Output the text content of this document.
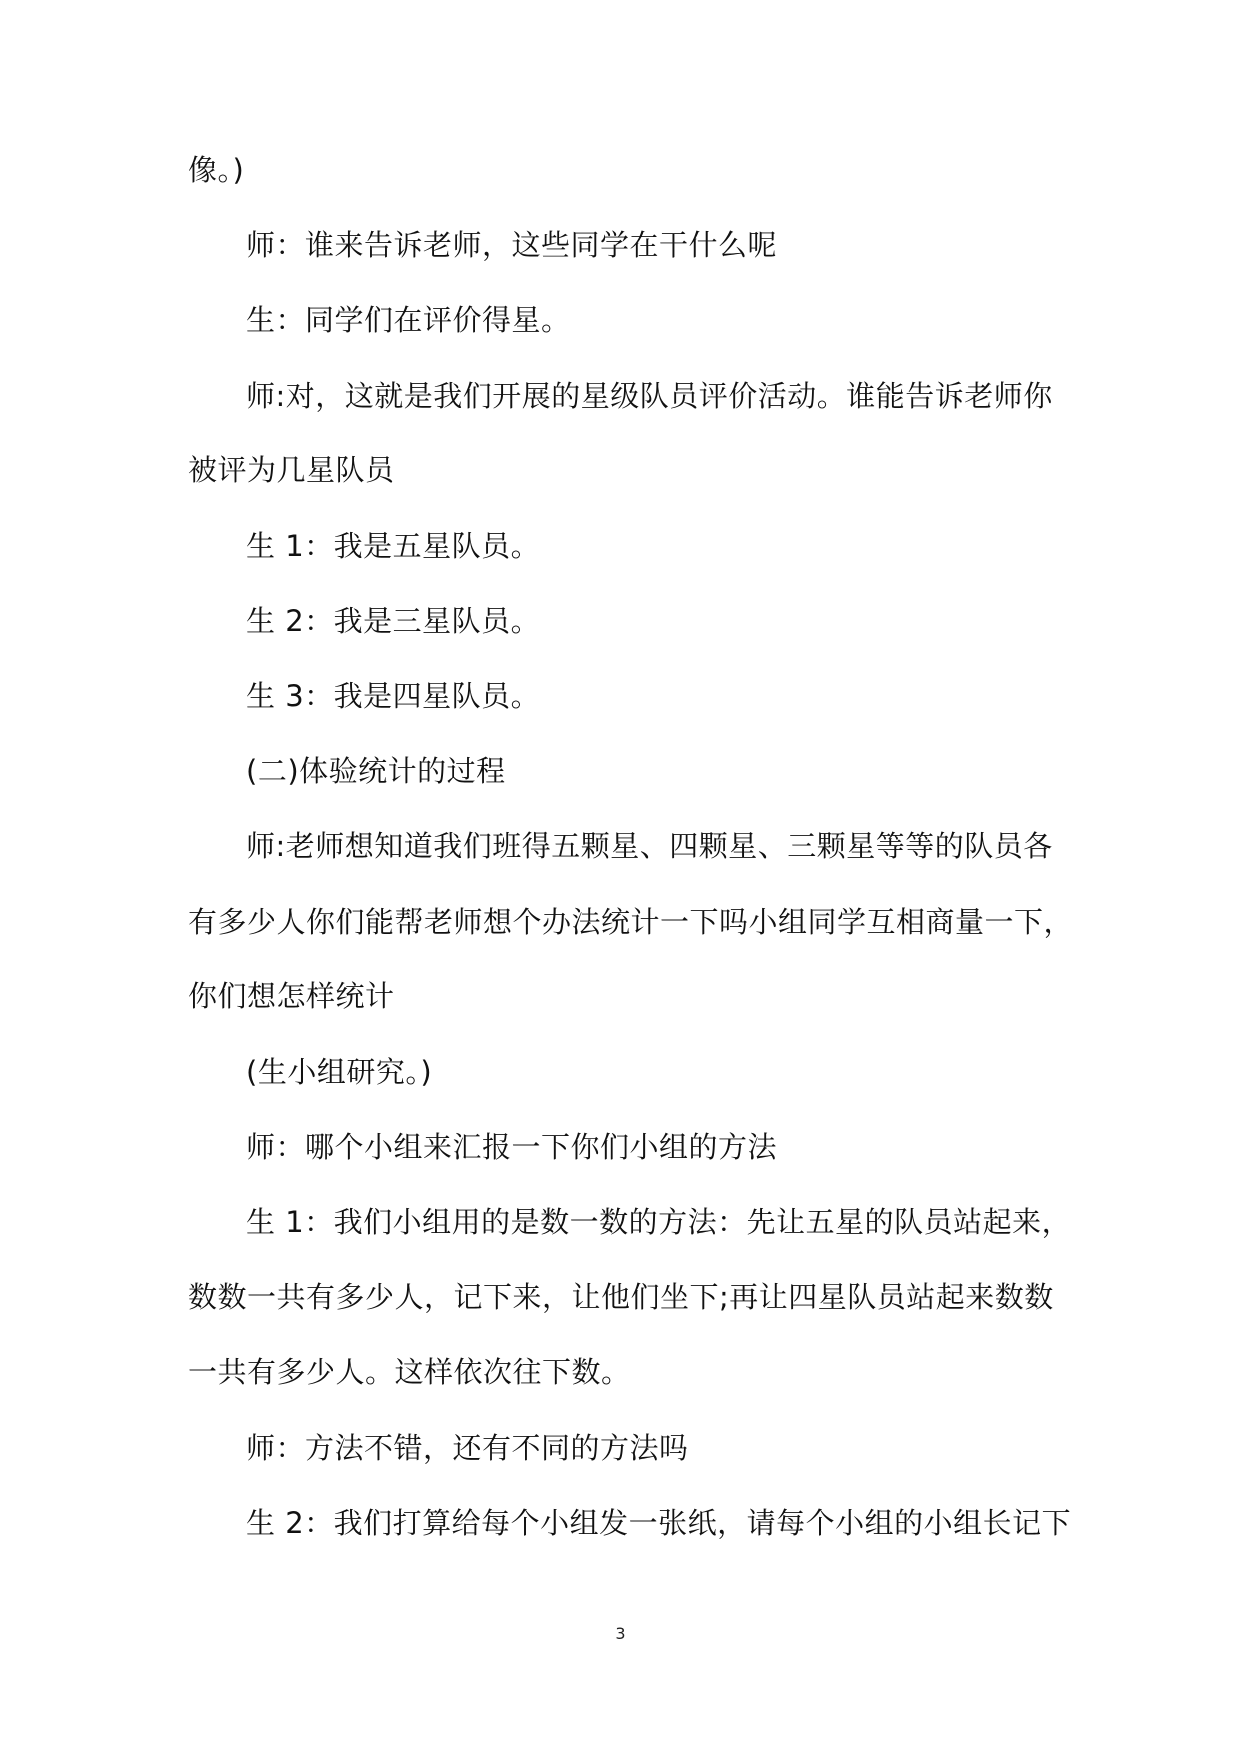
像。)
师：谁来告诉老师，这些同学在干什么呢
生：同学们在评价得星。
师:对，这就是我们开展的星级队员评价活动。谁能告诉老师你
被评为几星队员
生 1：我是五星队员。
生 2：我是三星队员。
生 3：我是四星队员。
(二)体验统计的过程
师:老师想知道我们班得五颗星、四颗星、三颗星等等的队员各
有多少人你们能帮老师想个办法统计一下吗小组同学互相商量一下，
你们想怎样统计
(生小组研究。)
师：哪个小组来汇报一下你们小组的方法
生 1：我们小组用的是数一数的方法：先让五星的队员站起来，
数数一共有多少人，记下来，让他们坐下;再让四星队员站起来数数
一共有多少人。这样依次往下数。
师：方法不错，还有不同的方法吗
生 2：我们打算给每个小组发一张纸，请每个小组的小组长记下
3
